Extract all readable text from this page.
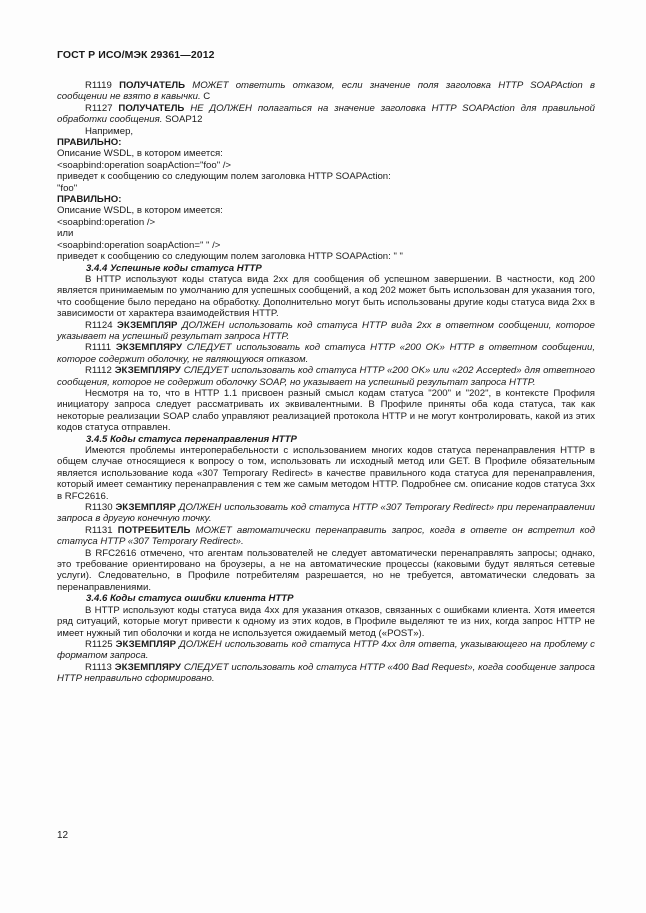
ГОСТ Р ИСО/МЭК 29361—2012

R1119 ПОЛУЧАТЕЛЬ МОЖЕТ ответить отказом, если значение поля заголовка HTTP SOAPAction в сообщении не взято в кавычки. C

R1127 ПОЛУЧАТЕЛЬ НЕ ДОЛЖЕН полагаться на значение заголовка HTTP SOAPAction для правильной обработки сообщения. SOAP12

Например,

ПРАВИЛЬНО:

Описание WSDL, в котором имеется:

<soapbind:operation soapAction="foo" />

приведет к сообщению со следующим полем заголовка HTTP SOAPAction:

"foo"

ПРАВИЛЬНО:

Описание WSDL, в котором имеется:

<soapbind:operation />

или

<soapbind:operation soapAction=" " />

приведет к сообщению со следующим полем заголовка HTTP SOAPAction: " "

3.4.4 Успешные коды статуса HTTP

В HTTP используют коды статуса вида 2хх для сообщения об успешном завершении. В частности, код 200 является принимаемым по умолчанию для успешных сообщений, а код 202 может быть использован для указания того, что сообщение было передано на обработку. Дополнительно могут быть использованы другие коды статуса вида 2хх в зависимости от характера взаимодействия HTTP.

R1124 ЭКЗЕМПЛЯР ДОЛЖЕН использовать код статуса HTTP вида 2хх в ответном сообщении, которое указывает на успешный результат запроса HTTP.

R1111 ЭКЗЕМПЛЯРУ СЛЕДУЕТ использовать код статуса HTTP «200 OK» HTTP в ответном сообщении, которое содержит оболочку, не являющуюся отказом.

R1112 ЭКЗЕМПЛЯРУ СЛЕДУЕТ использовать код статуса HTTP «200 OK» или «202 Accepted» для ответного сообщения, которое не содержит оболочку SOAP, но указывает на успешный результат запроса HTTP.

Несмотря на то, что в HTTP 1.1 присвоен разный смысл кодам статуса "200" и "202", в контексте Профиля инициатору запроса следует рассматривать их эквивалентными. В Профиле приняты оба кода статуса, так как некоторые реализации SOAP слабо управляют реализацией протокола HTTP и не могут контролировать, какой из этих кодов статуса отправлен.

3.4.5 Коды статуса перенаправления HTTP

Имеются проблемы интероперабельности с использованием многих кодов статуса перенаправления HTTP в общем случае относящиеся к вопросу о том, использовать ли исходный метод или GET. В Профиле обязательным является использование кода «307 Temporary Redirect» в качестве правильного кода статуса для перенаправления, который имеет семантику перенаправления с тем же самым методом HTTP. Подробнее см. описание кодов статуса 3хх в RFC2616.

R1130 ЭКЗЕМПЛЯР ДОЛЖЕН использовать код статуса HTTP «307 Temporary Redirect» при перенаправлении запроса в другую конечную точку.

R1131 ПОТРЕБИТЕЛЬ МОЖЕТ автоматически перенаправить запрос, когда в ответе он встретил код статуса HTTP «307 Temporary Redirect».

В RFC2616 отмечено, что агентам пользователей не следует автоматически перенаправлять запросы; однако, это требование ориентировано на броузеры, а не на автоматические процессы (каковыми будут являться сетевые услуги). Следовательно, в Профиле потребителям разрешается, но не требуется, автоматически следовать за перенаправлениями.

3.4.6 Коды статуса ошибки клиента HTTP

В HTTP используют коды статуса вида 4хх для указания отказов, связанных с ошибками клиента. Хотя имеется ряд ситуаций, которые могут привести к одному из этих кодов, в Профиле выделяют те из них, когда запрос HTTP не имеет нужный тип оболочки и когда не используется ожидаемый метод («POST»).

R1125 ЭКЗЕМПЛЯР ДОЛЖЕН использовать код статуса HTTP 4хх для ответа, указывающего на проблему с форматом запроса.

R1113 ЭКЗЕМПЛЯРУ СЛЕДУЕТ использовать код статуса HTTP «400 Bad Request», когда сообщение запроса HTTP неправильно сформировано.

12
